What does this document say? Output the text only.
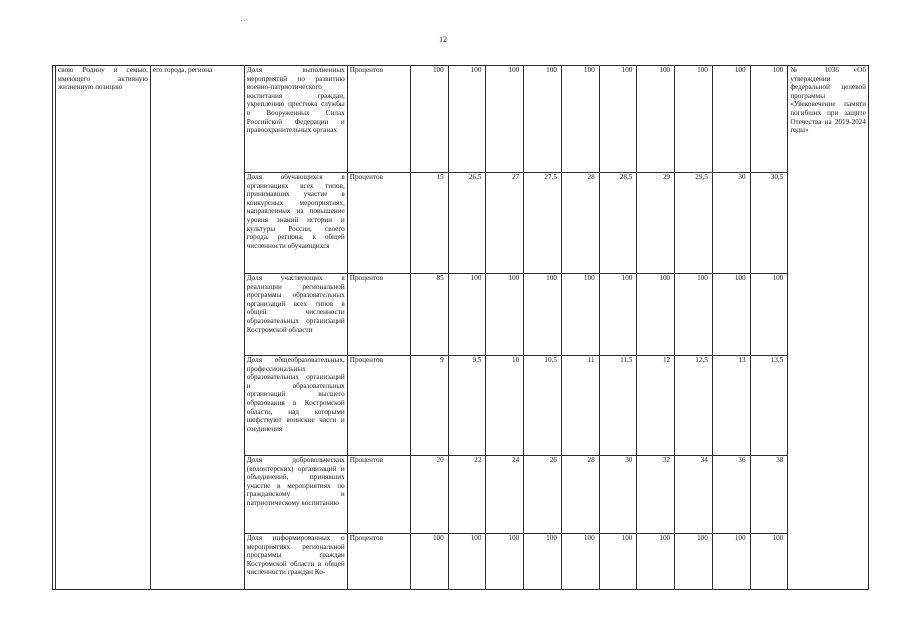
12
	свою Родину и семью, имеющего активную жизненную позицию	его города, региона	Доля выполненных мероприятий по развитию военно-патриотического воспитания граждан, укреплению престижа службы в Вооруженных Силах Российской Федерации и правоохранительных органах	Процентов	100	100	100	100	100	100	100	100	100	100	№ 1036 «Об утверждении федеральной целевой программы «Увековечение памяти погибших при защите Отечества на 2019-2024 годы»
			Доля обучающихся в организациях всех типов, принимавших участие в конкурсных мероприятиях, направленных на повышение уровня знаний истории и культуры России, своего города, региона, к общей численности обучающихся	Процентов	15	26,5	27	27,5	28	28,5	29	29,5	30	30,5	
			Доля участвующих в реализации региональной программы образовательных организаций всех типов в общей численности образовательных организаций Костромской области	Процентов	85	100	100	100	100	100	100	100	100	100	
			Доля общеобразовательных, профессиональных образовательных организаций и образовательных организаций высшего образования в Костромской области, над которыми шефствуют воинские части и соединения	Процентов	9	9,5	10	10,5	11	11,5	12	12,5	13	13,5	
			Доля добровольческих (волонтерских) организаций и объединений, принявших участие в мероприятиях по гражданскому и патриотическому воспитанию	Процентов	20	22	24	26	28	30	32	34	36	38	
			Доля информированных о мероприятиях региональной программы граждан Костромской области в общей численности граждан Ко-	Процентов	100	100	100	100	100	100	100	100	100	100	
